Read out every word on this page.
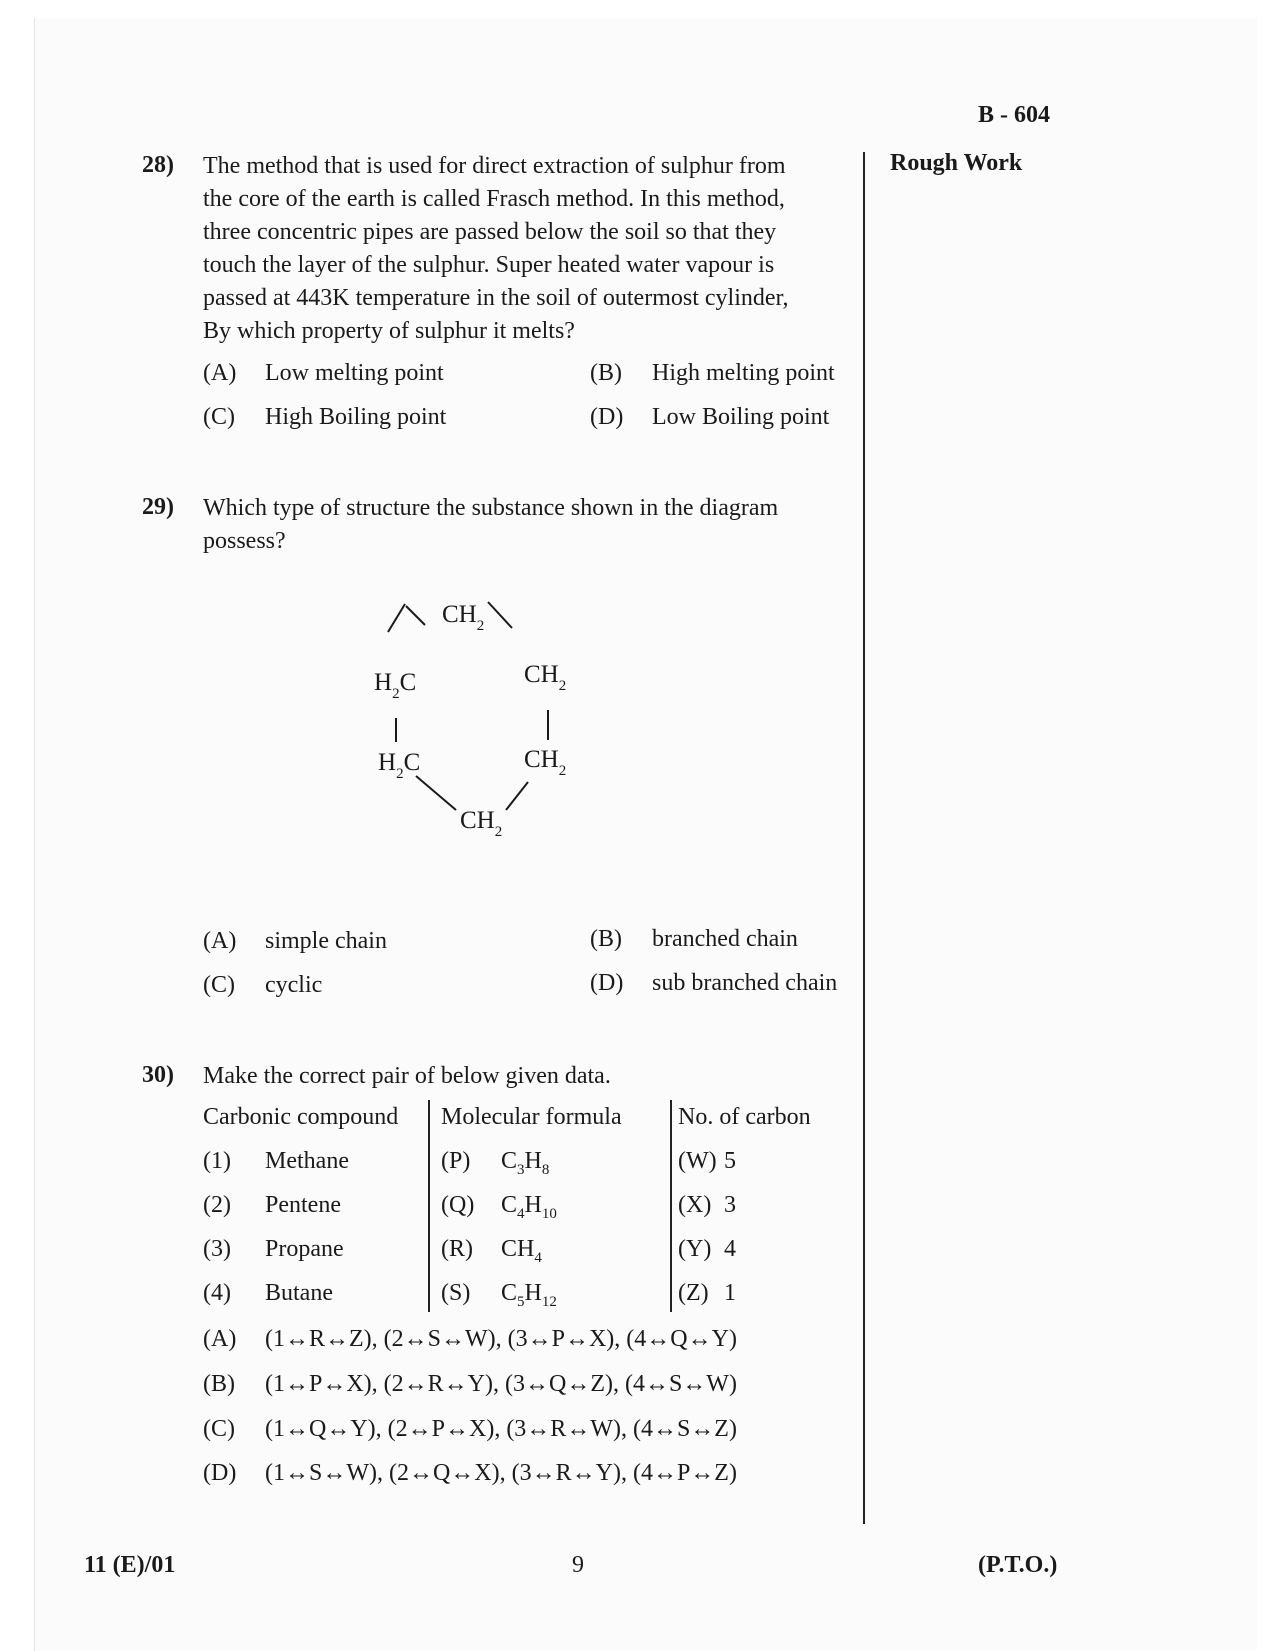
B - 604
Rough Work
28) The method that is used for direct extraction of sulphur from
the core of the earth is called Frasch method. In this method,
three concentric pipes are passed below the soil so that they
touch the layer of the sulphur. Super heated water vapour is
passed at 443K temperature in the soil of outermost cylinder,
By which property of sulphur it melts?
(A) Low melting point	(B) High melting point
(C) High Boiling point	(D) Low Boiling point
29) Which type of structure the substance shown in the diagram
possess?
$CH_2$
$H_2C$	$CH_2$
$H_2C$	$CH_2$
$CH_2$
(A) simple chain	(B) branched chain
(C) cyclic	(D) sub branched chain
30) Make the correct pair of below given data.
Carbonic compound Molecular formula No. of carbon
(1) Methane	(P) $C_3H_8$	(W) 5
(2) Pentene	(Q) $C_4H_{10}$	(X) 3
(3) Propane	(R) $CH_4$	(Y) 4
(4) Butane	(S) $C_5H_{12}$	(Z) 1
(A) (1↔R↔Z), (2↔S↔W), (3↔P↔X), (4↔Q↔Y)
(B) (1↔P↔X), (2↔R↔Y), (3↔Q↔Z), (4↔S↔W)
(C) (1↔Q↔Y), (2↔P↔X), (3↔R↔W), (4↔S↔Z)
(D) (1↔S↔W), (2↔Q↔X), (3↔R↔Y), (4↔P↔Z)
11 (E)/01	9	(P.T.O.)
